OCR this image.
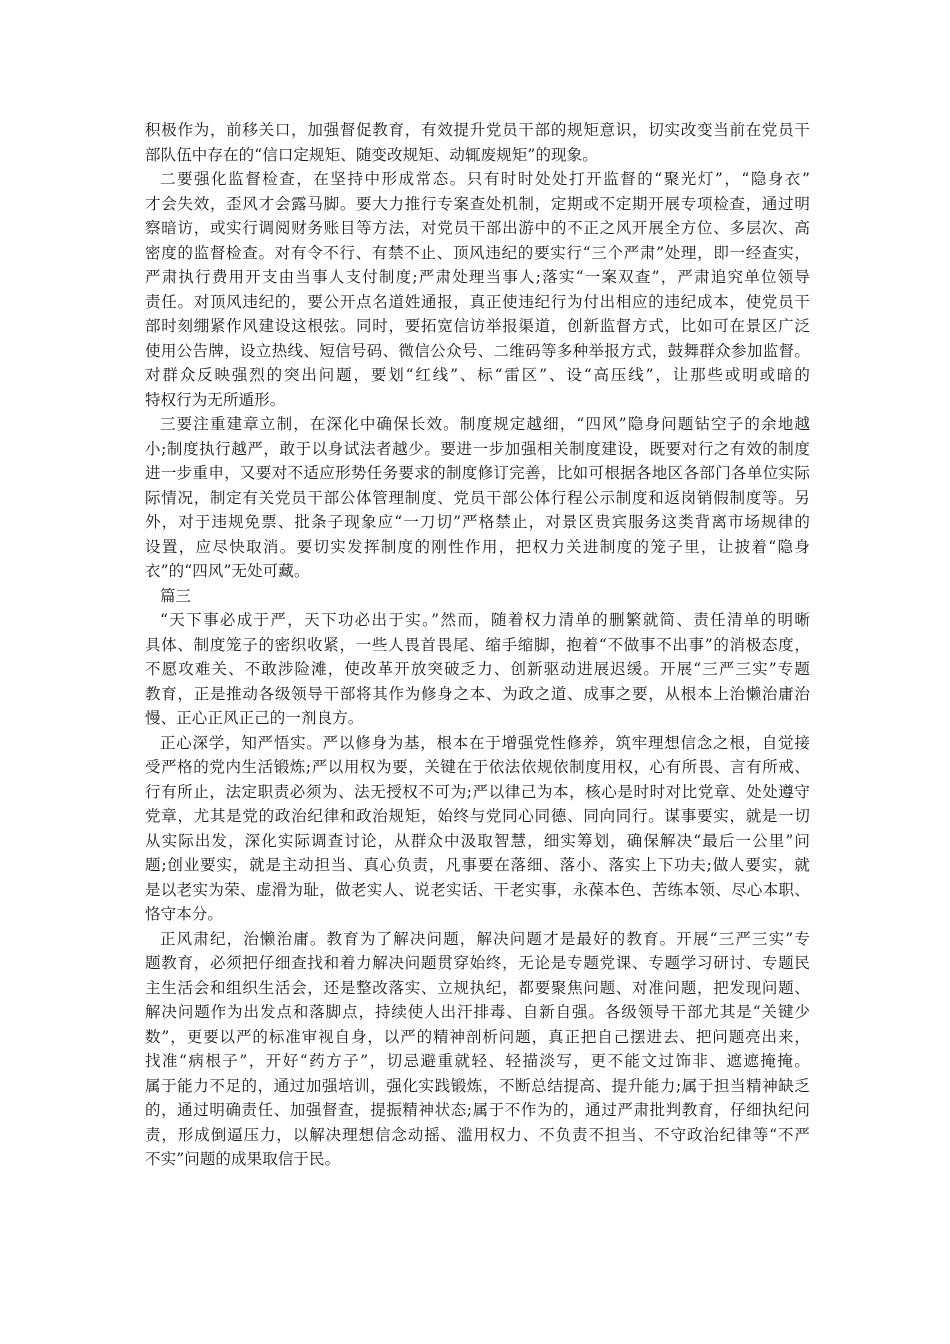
积极作为，前移关口，加强督促教育，有效提升党员干部的规矩意识，切实改变当前在党员干
部队伍中存在的“信口定规矩、随变改规矩、动辄废规矩”的现象。
二要强化监督检查，在坚持中形成常态。只有时时处处打开监督的“聚光灯”，“隐身衣”
才会失效，歪风才会露马脚。要大力推行专案查处机制，定期或不定期开展专项检查，通过明
察暗访，或实行调阅财务账目等方法，对党员干部出游中的不正之风开展全方位、多层次、高
密度的监督检查。对有令不行、有禁不止、顶风违纪的要实行“三个严肃”处理，即一经查实，
严肃执行费用开支由当事人支付制度;严肃处理当事人;落实“一案双查”，严肃追究单位领导
责任。对顶风违纪的，要公开点名道姓通报，真正使违纪行为付出相应的违纪成本，使党员干
部时刻绷紧作风建设这根弦。同时，要拓宽信访举报渠道，创新监督方式，比如可在景区广泛
使用公告牌，设立热线、短信号码、微信公众号、二维码等多种举报方式，鼓舞群众参加监督。
对群众反映强烈的突出问题，要划“红线”、标“雷区”、设“高压线”，让那些或明或暗的
特权行为无所遁形。
三要注重建章立制，在深化中确保长效。制度规定越细，“四风”隐身问题钻空子的余地越
小;制度执行越严，敢于以身试法者越少。要进一步加强相关制度建设，既要对行之有效的制度
进一步重申，又要对不适应形势任务要求的制度修订完善，比如可根据各地区各部门各单位实际
际情况，制定有关党员干部公体管理制度、党员干部公体行程公示制度和返岗销假制度等。另
外，对于违规免票、批条子现象应“一刀切”严格禁止，对景区贵宾服务这类背离市场规律的
设置，应尽快取消。要切实发挥制度的刚性作用，把权力关进制度的笼子里，让披着“隐身
衣”的“四风”无处可藏。
篇三
“天下事必成于严，天下功必出于实。”然而，随着权力清单的删繁就简、责任清单的明晰
具体、制度笼子的密织收紧，一些人畏首畏尾、缩手缩脚，抱着“不做事不出事”的消极态度，
不愿攻难关、不敢涉险滩，使改革开放突破乏力、创新驱动进展迟缓。开展“三严三实”专题
教育，正是推动各级领导干部将其作为修身之本、为政之道、成事之要，从根本上治懒治庸治
慢、正心正风正己的一剂良方。
正心深学，知严悟实。严以修身为基，根本在于增强党性修养，筑牢理想信念之根，自觉接
受严格的党内生活锻炼;严以用权为要，关键在于依法依规依制度用权，心有所畏、言有所戒、
行有所止，法定职责必须为、法无授权不可为;严以律己为本，核心是时时对比党章、处处遵守
党章，尤其是党的政治纪律和政治规矩，始终与党同心同德、同向同行。谋事要实，就是一切
从实际出发，深化实际调查讨论，从群众中汲取智慧，细实筹划，确保解决“最后一公里”问
题;创业要实，就是主动担当、真心负责，凡事要在落细、落小、落实上下功夫;做人要实，就
是以老实为荣、虚滑为耻，做老实人、说老实话、干老实事，永葆本色、苦练本领、尽心本职、
恪守本分。
正风肃纪，治懒治庸。教育为了解决问题，解决问题才是最好的教育。开展“三严三实”专
题教育，必须把仔细查找和着力解决问题贯穿始终，无论是专题党课、专题学习研讨、专题民
主生活会和组织生活会，还是整改落实、立规执纪，都要聚焦问题、对准问题，把发现问题、
解决问题作为出发点和落脚点，持续使人出汗排毒、自新自强。各级领导干部尤其是“关键少
数”，更要以严的标准审视自身，以严的精神剖析问题，真正把自己摆进去、把问题亮出来，
找准“病根子”，开好“药方子”，切忌避重就轻、轻描淡写，更不能文过饰非、遮遮掩掩。
属于能力不足的，通过加强培训，强化实践锻炼，不断总结提高、提升能力;属于担当精神缺乏
的，通过明确责任、加强督查，提振精神状态;属于不作为的，通过严肃批判教育，仔细执纪问
责，形成倒逼压力，以解决理想信念动摇、滥用权力、不负责不担当、不守政治纪律等“不严
不实”问题的成果取信于民。
